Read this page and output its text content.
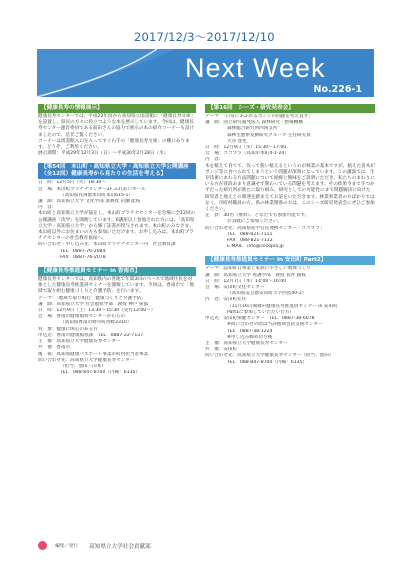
2017/12/3〜2017/12/10
Next Week
No.226-1
【健康長寿の情報展示】

健康長寿センターでは、平成22年度から高知県立図書館に「健康長寿文庫」を設置し、県民の方々に役立つような本を展示しています。今回は、健康長寿センター運営委員である前田さんの協力で展示の本の紹介コーナーも設けましたので、是非ご覧ください。

コーナーは図書館入口を入ってすぐ右手の「健康長寿文庫」の棚にあります。どうぞ、ご利用ください。

展示期間：平成29年12月3日（日）〜平成30年2月28日（水）

【第54回　本山町・高知県立大学・高知県立大学公開講座（全12回）健康長寿から見たりの生活を考える】

日　時：12月5日（火）18:30〜

会　場：本山町プラチナセンター2F ふれあいホール

（高知県長岡郡本山町本山615-1）

講　師：高知県立大学 文化学部 准教授 岩瀬 能枝

内　容：

本山町と高知県立大学が協定し、本山町プラチナセンターを会場に全12回の公開講座「次学」を開催しています。6講座以上参加された方には、「高知県立大学・高知県立大学」から修了証書が授与されます。本山町のみなさま、本山町以外にお住まいの方も参加いただけます。お申し込みは、本山町プラチナセンターの社会教育福祉へ。

問い合わせ・申し込み先：本山町プラチナセンター内　社会教育課

TEL　0887-76-2084

FAX　0887-76-2078

【健康長寿推進員セミナー in 香南市】

健康長寿センターでは、高知県内の各地で年間3回のペースで地域住民を対象とした健康長寿推進員セミナーを開催しています。今回は、香南市で「地域で取り組む健康づくりと介護予防」を行います。

テーマ：「地域で取り組む　健康づくりと介護予防」

講　師：高知県立大学 社会福祉学部　教授 神戸 弥都

日　時：12月9日（土）13:30〜15:30（受付13:00〜）

会　場：香南市健康福祉センターかわらの

（高知県香南市野市町西野2310）

対　象：健康に関心のある方

申込先：香南市健康福祉課　TEL　0887-22-7137

主　催：高知県立大学健康長寿センター

共　催：香南市

後　援：高知県健康パスポート事業市町村担当者事業

問い合わせ先：高知県立大学健康長寿センター

（担当：池田・山本）

TEL　088-847-8700（内線：6135）

【第16回　シーズ・研究発表会】

テーマ：「日常にあふれるポンジの問題を考え直す」

講　師：国立研究開発法人 森林研究・整備機構

森林総合研究所四国支所

森林生態系変動研究グループ 主任研究員

大谷 達也

日　時：12月9日（水）15:30〜17:00

会　場：ココプラ（高知市本町4-1-24）

内　容：

木を植えて育てて、伐って使い植えるというのが林業の基本ですが、植えた苗木がポンジ等に食べられてしまうという問題が深刻になっています。この講演では、生存技術にまわる方法問題について経緯と興味をご説明いただき、私たちのまわりにいる方が普段あまり意識せず関わっている問題を考えます。その結果今まで手つかずだった研究所が新たに取り組み、研究としての可能性にまで問題解決に向けた研究者と地元との関連を踏まえてお話をいただきます。林業事業者の方ばかりではなく、市町村職員の方、県の林業関係の方は、このシーズ研究発表会にぜひご参加ください。

定　員：30名（無料）、どなたでも参加可能です。

お気軽にご参加ください。

問い合わせ先：高知県産学官民連携センター「ココプラ」

TEL　088-821-7111

FAX　088-821-7112

E-MAIL　info@cocopla.jp

【健康長寿推進員セミナー in 安田町 Part2】

テーマ：認知症自事業と家族にやさしい地域づくり

講　師：高知県立大学 看護学部　教授 長坪 鎮枝

日　時：12月7日（木）14:00〜16:00

会　場：安田町文化センター

（高知県安芸郡安田町大字西島40-2）

内　容：安田町在住

（11月16日開催の健康長寿推進員セミナー in 安田町

Part1に参加していただいた方）

申込先：安田町保健センター　TEL　0887-38-6078

※問い合わせの際は当該地域包括支援センター

TEL　0887-38-1224

※申し込み締め切り後

主　催：高知県立大学健康長寿センター

共　催：安田町

問い合わせ先：高知県立大学健康長寿センター（担当：池田）

TEL　088-847-8700（内線：6135）

編集／発行 高知県立大学社会貢献部
